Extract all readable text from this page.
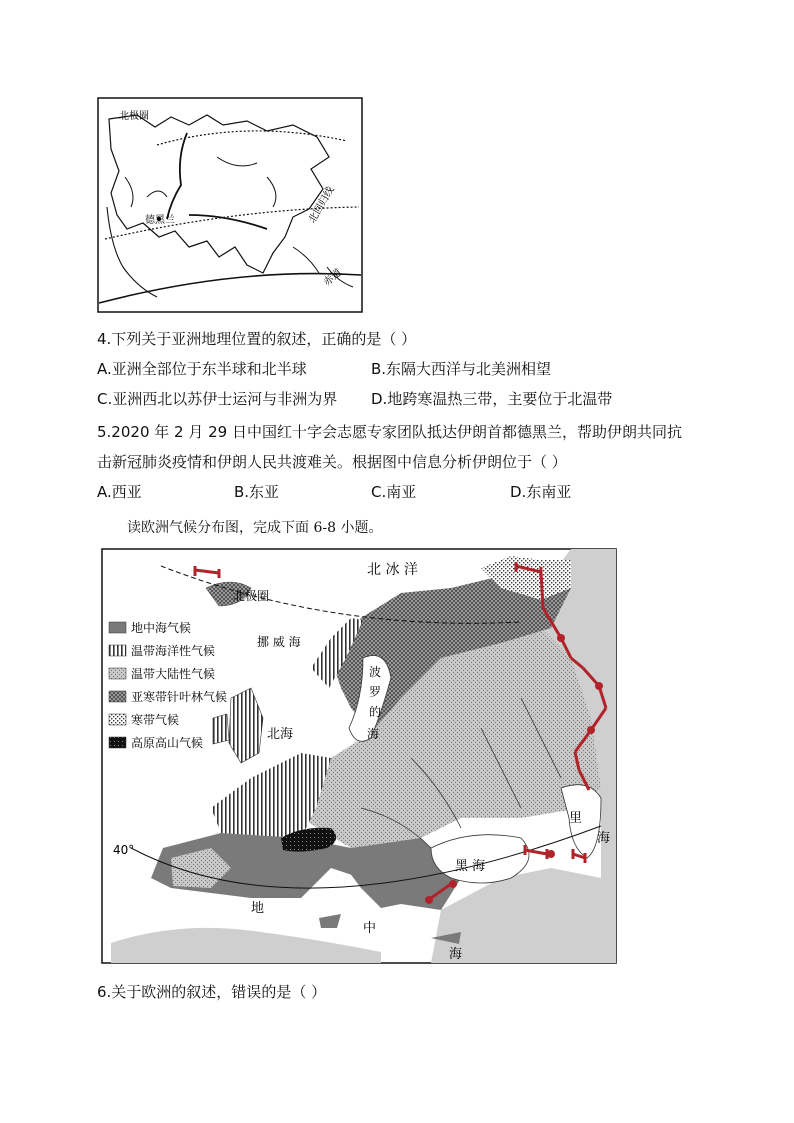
北极圈
德黑兰	北回归线
赤道
4.下列关于亚洲地理位置的叙述，正确的是（ ）
A.亚洲全部位于东半球和北半球	B.东隔大西洋与北美洲相望
C.亚洲西北以苏伊士运河与非洲为界 D.地跨寒温热三带，主要位于北温带
5.2020 年 2 月 29 日中国红十字会志愿专家团队抵达伊朗首都德黑兰，帮助伊朗共同抗
击新冠肺炎疫情和伊朗人民共渡难关。根据图中信息分析伊朗位于（ ）
A.西亚	B.东亚	C.南亚	D.东南亚
读欧洲气候分布图，完成下面 6-8 小题。
北 冰 洋
北极圈
挪 威 海
北海
波
罗
的
海
黑 海
里
海
地
中
海
40°
地中海气候
温带海洋性气候
温带大陆性气候
亚寒带针叶林气候
寒带气候
高原高山气候
6.关于欧洲的叙述，错误的是（ ）
